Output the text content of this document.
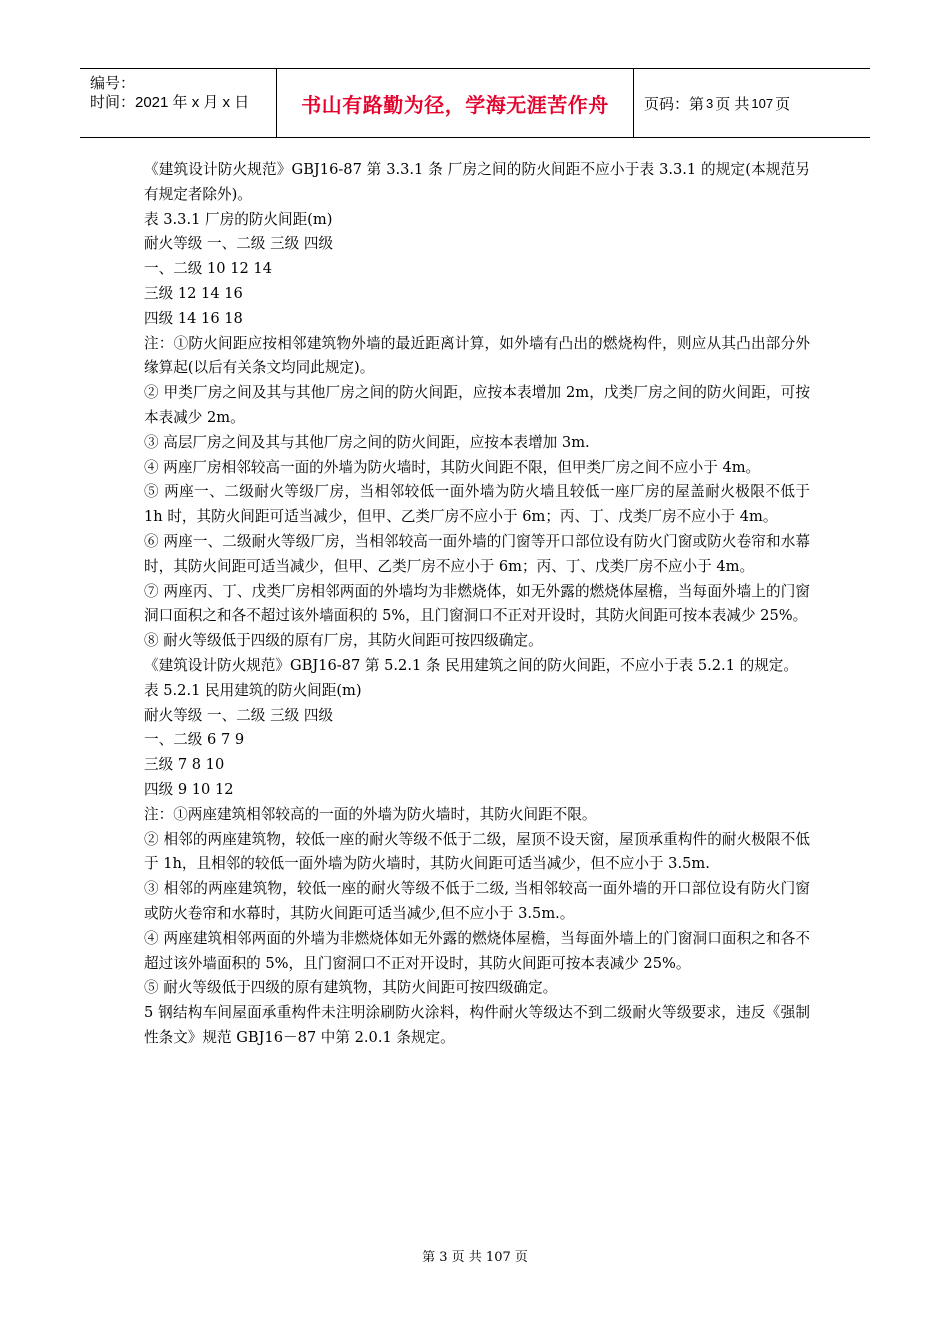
编号：
时间：2021 年 x 月 x 日	书山有路勤为径，学海无涯苦作舟	页码：第 3 页 共 107 页

《建筑设计防火规范》GBJ16-87 第 3.3.1 条 厂房之间的防火间距不应小于表 3.3.1 的规定(本规范另有规定者除外)。

表 3.3.1 厂房的防火间距(m)

耐火等级 一、二级 三级 四级

一、二级 10 12 14

三级 12 14 16

四级 14 16 18

注：①防火间距应按相邻建筑物外墙的最近距离计算，如外墙有凸出的燃烧构件，则应从其凸出部分外缘算起(以后有关条文均同此规定)。

② 甲类厂房之间及其与其他厂房之间的防火间距，应按本表增加 2m，戊类厂房之间的防火间距，可按本表减少 2m。

③ 高层厂房之间及其与其他厂房之间的防火间距，应按本表增加 3m.

④ 两座厂房相邻较高一面的外墙为防火墙时，其防火间距不限，但甲类厂房之间不应小于 4m。

⑤ 两座一、二级耐火等级厂房，当相邻较低一面外墙为防火墙且较低一座厂房的屋盖耐火极限不低于 1h 时，其防火间距可适当减少，但甲、乙类厂房不应小于 6m；丙、丁、戊类厂房不应小于 4m。

⑥ 两座一、二级耐火等级厂房，当相邻较高一面外墙的门窗等开口部位设有防火门窗或防火卷帘和水幕时，其防火间距可适当减少，但甲、乙类厂房不应小于 6m；丙、丁、戊类厂房不应小于 4m。

⑦ 两座丙、丁、戊类厂房相邻两面的外墙均为非燃烧体，如无外露的燃烧体屋檐，当每面外墙上的门窗洞口面积之和各不超过该外墙面积的 5%，且门窗洞口不正对开设时，其防火间距可按本表减少 25%。

⑧ 耐火等级低于四级的原有厂房，其防火间距可按四级确定。

《建筑设计防火规范》GBJ16-87 第 5.2.1 条 民用建筑之间的防火间距，不应小于表 5.2.1 的规定。

表 5.2.1 民用建筑的防火间距(m)

耐火等级 一、二级 三级 四级

一、二级 6 7 9

三级 7 8 10

四级 9 10 12

注：①两座建筑相邻较高的一面的外墙为防火墙时，其防火间距不限。

② 相邻的两座建筑物，较低一座的耐火等级不低于二级，屋顶不设天窗，屋顶承重构件的耐火极限不低于 1h，且相邻的较低一面外墙为防火墙时，其防火间距可适当减少，但不应小于 3.5m.

③ 相邻的两座建筑物，较低一座的耐火等级不低于二级, 当相邻较高一面外墙的开口部位设有防火门窗或防火卷帘和水幕时，其防火间距可适当减少,但不应小于 3.5m.。

④ 两座建筑相邻两面的外墙为非燃烧体如无外露的燃烧体屋檐，当每面外墙上的门窗洞口面积之和各不超过该外墙面积的 5%，且门窗洞口不正对开设时，其防火间距可按本表减少 25%。

⑤ 耐火等级低于四级的原有建筑物，其防火间距可按四级确定。

5 钢结构车间屋面承重构件未注明涂刷防火涂料，构件耐火等级达不到二级耐火等级要求，违反《强制性条文》规范 GBJ16－87 中第 2.0.1 条规定。

第 3 页 共 107 页
